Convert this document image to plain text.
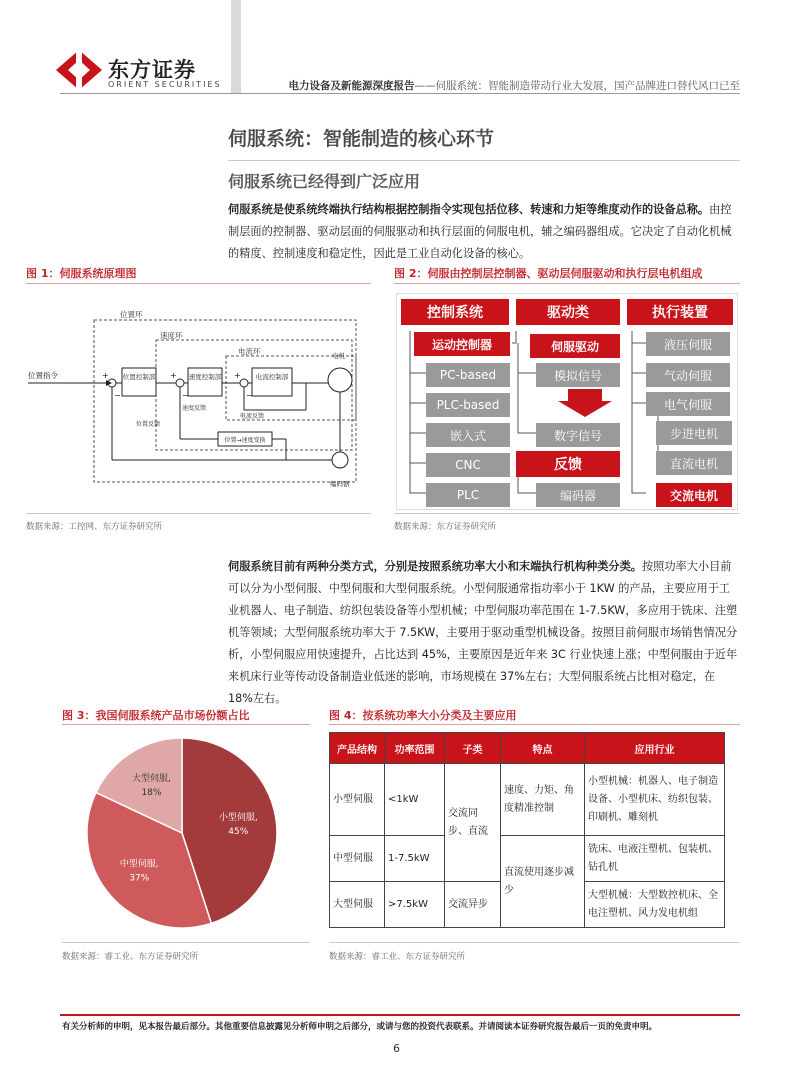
东方证券
ORIENT SECURITIES	电力设备及新能源深度报告——伺服系统：智能制造带动行业大发展，国产品牌进口替代风口已至
伺服系统：智能制造的核心环节
伺服系统已经得到广泛应用
伺服系统是使系统终端执行结构根据控制指令实现包括位移、转速和力矩等维度动作的设备总称。由控制层面的控制器、驱动层面的伺服驱动和执行层面的伺服电机，辅之编码器组成。它决定了自动化机械的精度、控制速度和稳定性，因此是工业自动化设备的核心。
图 1：伺服系统原理图
位置环
速度环
电流环
位置指令	位置控制部	速度控制部	电流控制部
电机
编码器
电流反馈
位置→速度变换
速度反馈
位置反馈
+
−
+
−
+
−
数据来源：工控网、东方证券研究所
图 2：伺服由控制层控制器、驱动层伺服驱动和执行层电机组成
控制系统
运动控制器
PC-based
PLC-based
嵌入式
CNC
PLC
驱动类
伺服驱动
模拟信号
数字信号
反馈
编码器
执行装置
液压伺服
气动伺服
电气伺服
步进电机
直流电机
交流电机
数据来源：东方证券研究所
伺服系统目前有两种分类方式，分别是按照系统功率大小和末端执行机构种类分类。按照功率大小目前可以分为小型伺服、中型伺服和大型伺服系统。小型伺服通常指功率小于 1KW 的产品，主要应用于工业机器人、电子制造、纺织包装设备等小型机械；中型伺服功率范围在 1-7.5KW，多应用于铣床、注塑机等领域；大型伺服系统功率大于 7.5KW，主要用于驱动重型机械设备。按照目前伺服市场销售情况分析，小型伺服应用快速提升，占比达到 45%，主要原因是近年来 3C 行业快速上涨；中型伺服由于近年来机床行业等传动设备制造业低迷的影响，市场规模在 37%左右；大型伺服系统占比相对稳定，在 18%左右。
图 3：我国伺服系统产品市场份额占比
小型伺服,
45%
中型伺服,
37%
大型伺服,
18%
数据来源：睿工业、东方证券研究所
图 4：按系统功率大小分类及主要应用
产品结构	功率范围	子类	特点	应用行业
小型伺服	<1kW	交流同步、直流	速度、力矩、角度精准控制	小型机械：机器人、电子制造设备、小型机床、纺织包装、印刷机、雕刻机
中型伺服	1-7.5kW		直流使用逐步减少	铣床、电液注塑机、包装机、钻孔机
大型伺服	>7.5kW	交流异步		大型机械：大型数控机床、全电注塑机、风力发电机组
数据来源：睿工业、东方证券研究所
有关分析师的申明，见本报告最后部分。其他重要信息披露见分析师申明之后部分，或请与您的投资代表联系。并请阅读本证券研究报告最后一页的免责申明。
6
